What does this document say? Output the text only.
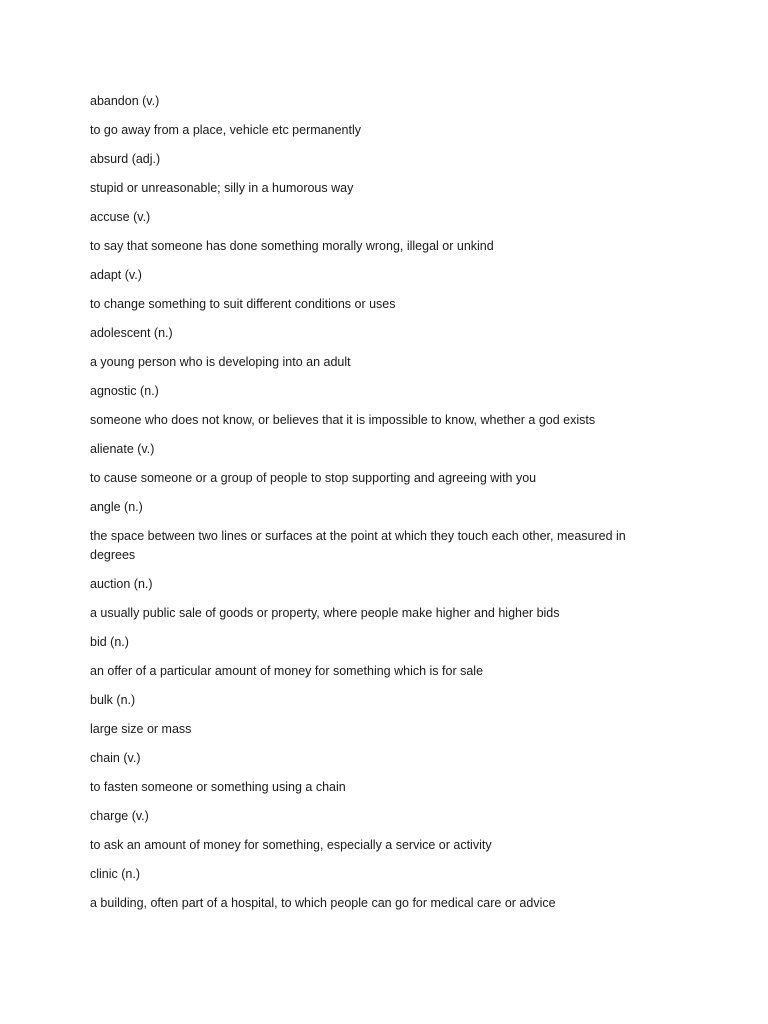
abandon (v.)

to go away from a place, vehicle etc permanently

absurd (adj.)

stupid or unreasonable; silly in a humorous way

accuse (v.)

to say that someone has done something morally wrong, illegal or unkind

adapt (v.)

to change something to suit different conditions or uses

adolescent (n.)

a young person who is developing into an adult

agnostic (n.)

someone who does not know, or believes that it is impossible to know, whether a god exists

alienate (v.)

to cause someone or a group of people to stop supporting and agreeing with you

angle (n.)

the space between two lines or surfaces at the point at which they touch each other, measured in degrees

auction (n.)

a usually public sale of goods or property, where people make higher and higher bids

bid (n.)

an offer of a particular amount of money for something which is for sale

bulk (n.)

large size or mass

chain (v.)

to fasten someone or something using a chain

charge (v.)

to ask an amount of money for something, especially a service or activity

clinic (n.)

a building, often part of a hospital, to which people can go for medical care or advice
